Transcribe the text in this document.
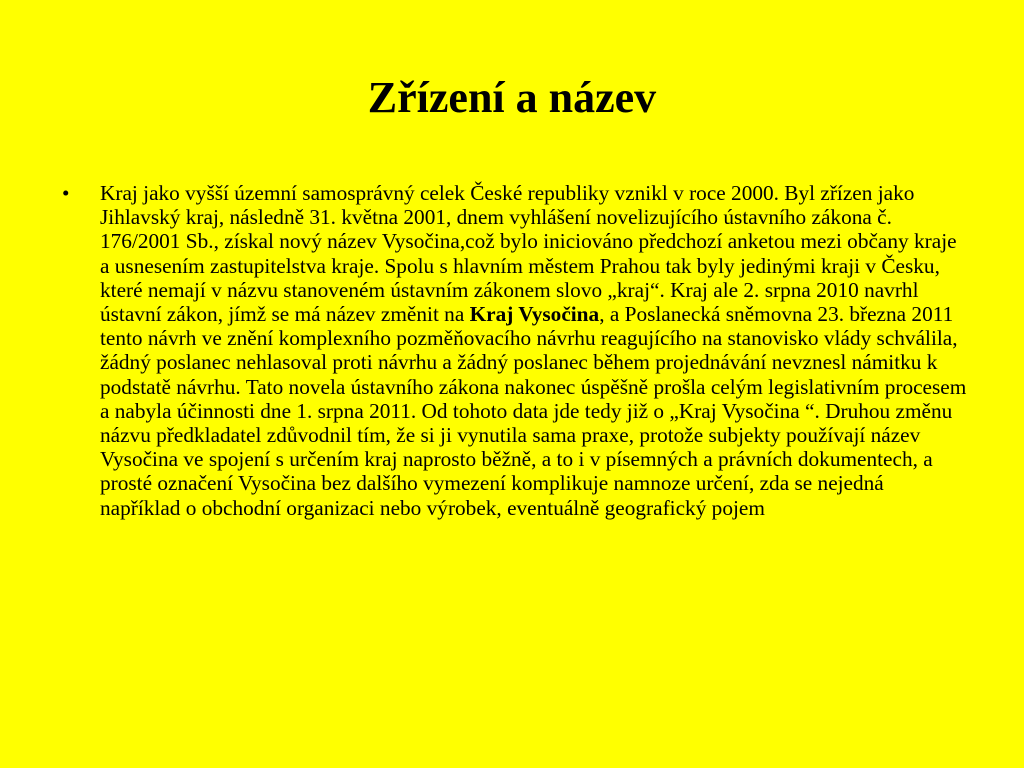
Zřízení a název
• Kraj jako vyšší územní samosprávný celek České republiky vznikl v roce 2000. Byl zřízen jako Jihlavský kraj, následně 31. května 2001, dnem vyhlášení novelizujícího ústavního zákona č. 176/2001 Sb., získal nový název Vysočina,což bylo iniciováno předchozí anketou mezi občany kraje a usnesením zastupitelstva kraje. Spolu s hlavním městem Prahou tak byly jedinými kraji v Česku, které nemají v názvu stanoveném ústavním zákonem slovo „kraj“. Kraj ale 2. srpna 2010 navrhl ústavní zákon, jímž se má název změnit na Kraj Vysočina, a Poslanecká sněmovna 23. března 2011 tento návrh ve znění komplexního pozměňovacího návrhu reagujícího na stanovisko vlády schválila, žádný poslanec nehlasoval proti návrhu a žádný poslanec během projednávání nevznesl námitku k podstatě návrhu. Tato novela ústavního zákona nakonec úspěšně prošla celým legislativním procesem a nabyla účinnosti dne 1. srpna 2011. Od tohoto data jde tedy již o „Kraj Vysočina “. Druhou změnu názvu předkladatel zdůvodnil tím, že si ji vynutila sama praxe, protože subjekty používají název Vysočina ve spojení s určením kraj naprosto běžně, a to i v písemných a právních dokumentech, a prosté označení Vysočina bez dalšího vymezení komplikuje namnoze určení, zda se nejedná například o obchodní organizaci nebo výrobek, eventuálně geografický pojem
